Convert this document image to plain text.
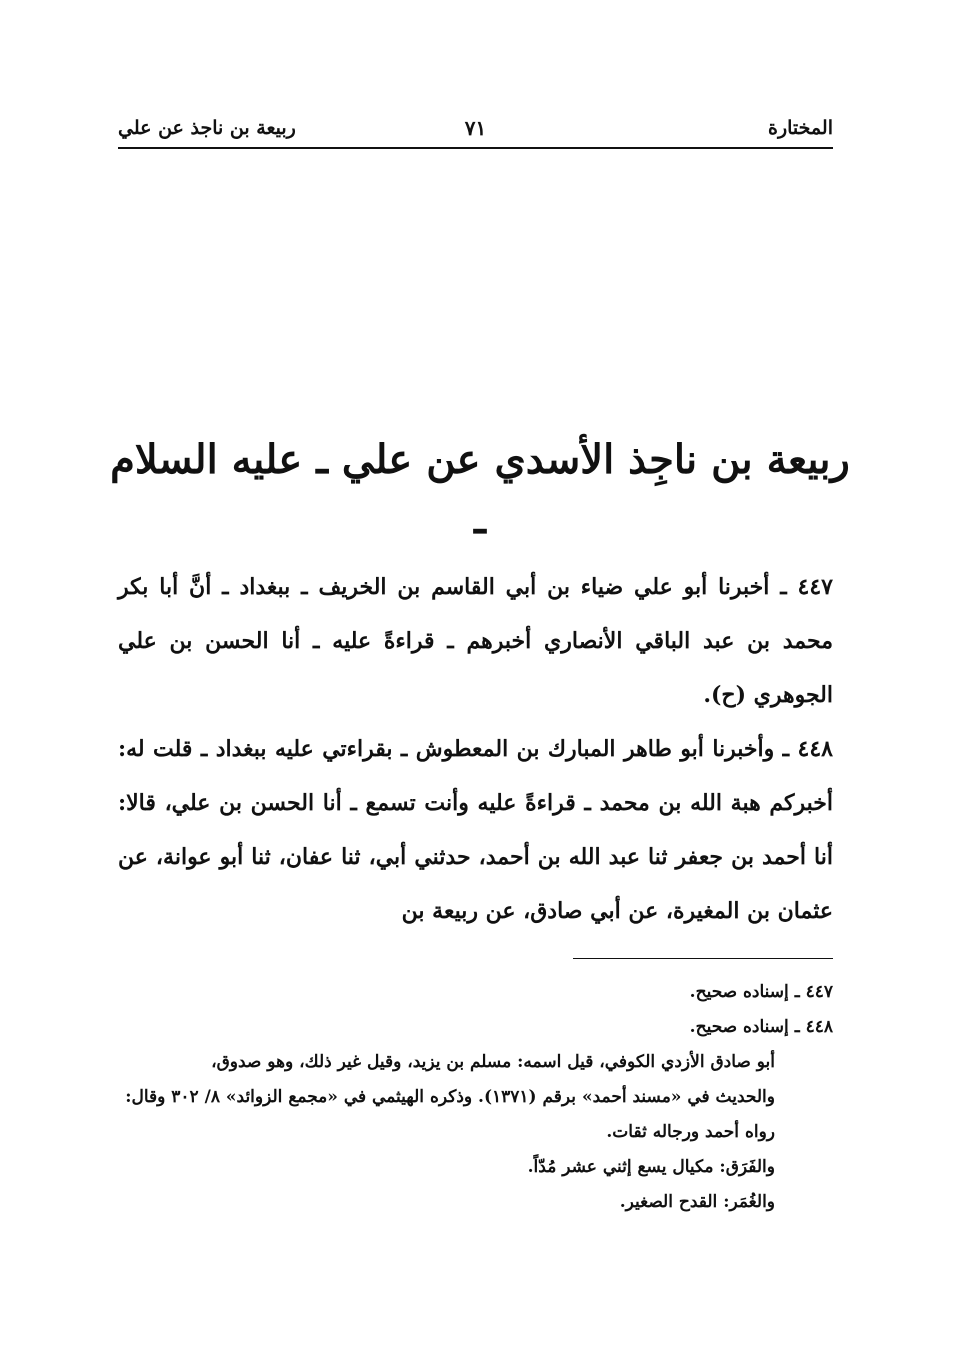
المختارة
٧١
ربيعة بن ناجذ عن علي
ربيعة بن ناجِذ الأسدي عن علي ـ عليه السلام ـ

٤٤٧ ـ أخبرنا أبو علي ضياء بن أبي القاسم بن الخريف ـ ببغداد ـ أنَّ أبا بكر محمد بن عبد الباقي الأنصاري أخبرهم ـ قراءةً عليه ـ أنا الحسن بن علي الجوهري (ح).

٤٤٨ ـ وأخبرنا أبو طاهر المبارك بن المعطوش ـ بقراءتي عليه ببغداد ـ قلت له: أخبركم هبة الله بن محمد ـ قراءةً عليه وأنت تسمع ـ أنا الحسن بن علي، قالا: أنا أحمد بن جعفر ثنا عبد الله بن أحمد، حدثني أبي، ثنا عفان، ثنا أبو عوانة، عن عثمان بن المغيرة، عن أبي صادق، عن ربيعة بن

٤٤٧ ـ إسناده صحيح.

٤٤٨ ـ إسناده صحيح.

أبو صادق الأزدي الكوفي، قيل اسمه: مسلم بن يزيد، وقيل غير ذلك، وهو صدوق،

والحديث في «مسند أحمد» برقم (١٣٧١). وذكره الهيثمي في «مجمع الزوائد» ٨/ ٣٠٢ وقال: رواه أحمد ورجاله ثقات.

والفَرَق: مكيال يسع إثني عشر مُدّاً.

والغُمَر: القدح الصغير.
